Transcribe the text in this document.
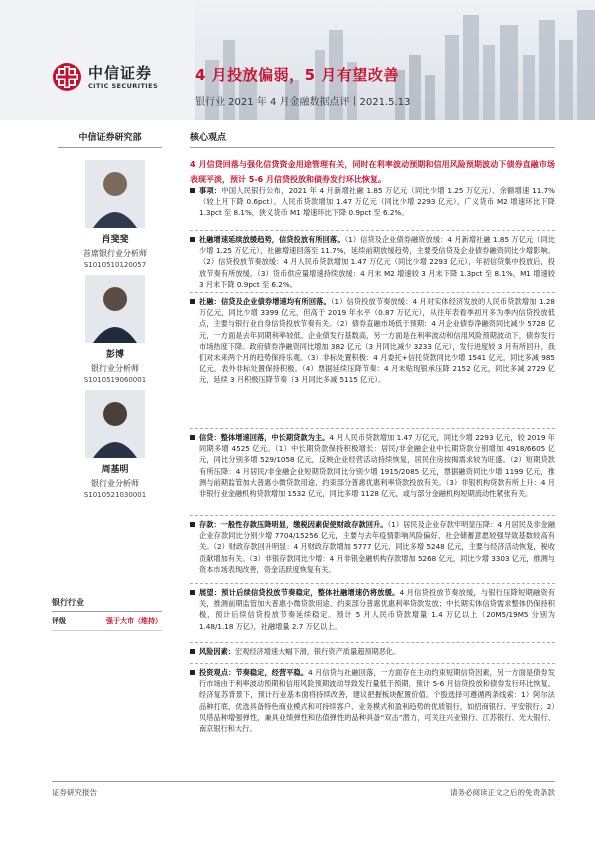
中信证券
CITIC SECURITIES
4 月投放偏弱，5 月有望改善
银行业 2021 年 4 月金融数据点评丨2021.5.13
中信证券研究部
肖斐斐
首席银行业分析师
S1010510120057
彭博
银行业分析师
S1010519060001
周基明
银行业分析师
S1010521030001
银行行业
评级	强于大市（维持）
核心观点
4 月信贷回落与强化信贷资金用途管理有关，同时在利率波动预期和信用风险预期波动下债券直融市场表现平淡，预计 5-6 月信贷投放和债券发行环比恢复。
事项：中国人民银行公布，2021 年 4 月新增社融 1.85 万亿元（同比少增 1.25 万亿元）、余额增速 11.7%（较上月下降 0.6pct）。人民币贷款增加 1.47 万亿元（同比少增 2293 亿元），广义货币 M2 增速环比下降 1.3pct 至 8.1%，狭义货币 M1 增速环比下降 0.9pct 至 6.2%。
社融增速延续放缓趋势，信贷投放有所回落。（1）信贷及企业债券融资放缓：4 月新增社融 1.85 万亿元（同比少增 1.25 万亿元），社融增速回落至 11.7%，延续前期放缓趋势，主要受信贷及企业债券融资同比少增影响。（2）信贷投放节奏放缓：4 月人民币贷款增加 1.47 万亿元（同比少增 2293 亿元），年初信贷集中投放后，投放节奏有所放缓。（3）货币供应量增速持续放缓：4 月末 M2 增速较 3 月末下降 1.3pct 至 8.1%，M1 增速较 3 月末下降 0.9pct 至 6.2%。
社融：信贷及企业债券增速均有所回落。（1）信贷投放节奏放缓：4 月对实体经济发放的人民币贷款增加 1.28 万亿元，同比少增 3399 亿元，但高于 2019 年水平（0.87 万亿元），从往年表看季初月多为季内信贷投放低点，主要与银行业自身信贷投放节奏有关。（2）债券直融市场低于预期：4 月企业债券净融资同比减少 5728 亿元，一方面是去年同期利率较低、企业债发行基数高，另一方面是在利率波动和信用风险预期波动下，债券发行市场热度下降。政府债券净融资同比增加 382 亿元（3 月同比减少 3233 亿元），发行进度较 3 月有所回升，我们对未来两个月的趋势保持乐观。（3）非标处置积极：4 月委托+信托贷款同比少增 1541 亿元，同比多减 985 亿元，表外非标处置保持积极。（4）票据延续压降节奏：4 月未贴现银承压降 2152 亿元，同比多减 2729 亿元，延续 3 月积极压降节奏（3 月同比多减 5115 亿元）。
信贷：整体增速回落，中长期贷款为主。4 月人民币贷款增加 1.47 万亿元，同比少增 2293 亿元，较 2019 年同期多增 4525 亿元。（1）中长期贷款保持积极增长：居民/非金融企业中长期贷款分别增加 4918/6605 亿元，同比分别多增 529/1058 亿元，反映企业经营活动持续恢复，居民住房按揭需求较为旺盛。（2）短期贷款有所压降：4 月居民/非金融企业短期贷款同比分别少增 1915/2085 亿元，票据融资同比少增 1199 亿元，推测与前期监管加大普惠小微贷款用途、约束部分普惠优惠利率贷款投放有关。（3）非银机构贷款有所上升：4 月非银行业金融机构贷款增加 1532 亿元，同比多增 1128 亿元，或与部分金融机构短期流动性紧张有关。
存款：一般性存款压降明显，缴税因素促使财政存款回升。（1）居民及企业存款牢明显压降：4 月居民及非金融企业存款同比分别少增 7704/15256 亿元，主要与去年疫情影响风险偏好，社会储蓄意愿较强导致基数较高有关。（2）财政存款回升明显：4 月财政存款增加 5777 亿元，同比多增 5248 亿元，主要与经济活动恢复，税收贡献增加有关。（3）非银存款同比少增：4 月非银金融机构存款增加 5268 亿元，同比少增 3303 亿元，推测与资本市场表现改善，资金活跃度恢复有关。
展望：预计后续信贷投放节奏稳定，整体社融增速仍将放缓。4 月信贷投放节奏放缓，与银行压降短期融资有关，推测前期监管加大普惠小微贷款用途、约束部分普惠优惠利率贷款发放；中长期实体信贷需求整体仍保持积极，预计后续信贷投放节奏延续稳定。预计 5 月人民币贷款增量 1.4 万亿以上（20M5/19M5 分别为 1.48/1.18 万亿），社融增量 2.7 万亿以上。
风险因素：宏观经济增速大幅下滑，银行资产质量超预期恶化。
投资观点：节奏稳定，经营平稳。4 月信贷与社融回落，一方面存在主动约束短期信贷因素，另一方面是债券发行市场由于利率波动预期和信用风险预期波动导致发行量低于预期，预计 5-6 月信贷投放和债券发行环比恢复。经济复苏背景下，预计行业基本面将持续改善，建议把握板块配置价值。个股选择可遵循两条线索：1）阿尔法品种打底，优选具备特色商业模式和可持续客户、业务模式和盈利趋势的优质银行，如招商银行、平安银行；2）贝塔品种增强弹性，兼具业绩弹性和估值弹性的品种具备“双击”潜力，可关注兴业银行、江苏银行、光大银行、南京银行和大行。
证券研究报告	请务必阅读正文之后的免责条款
